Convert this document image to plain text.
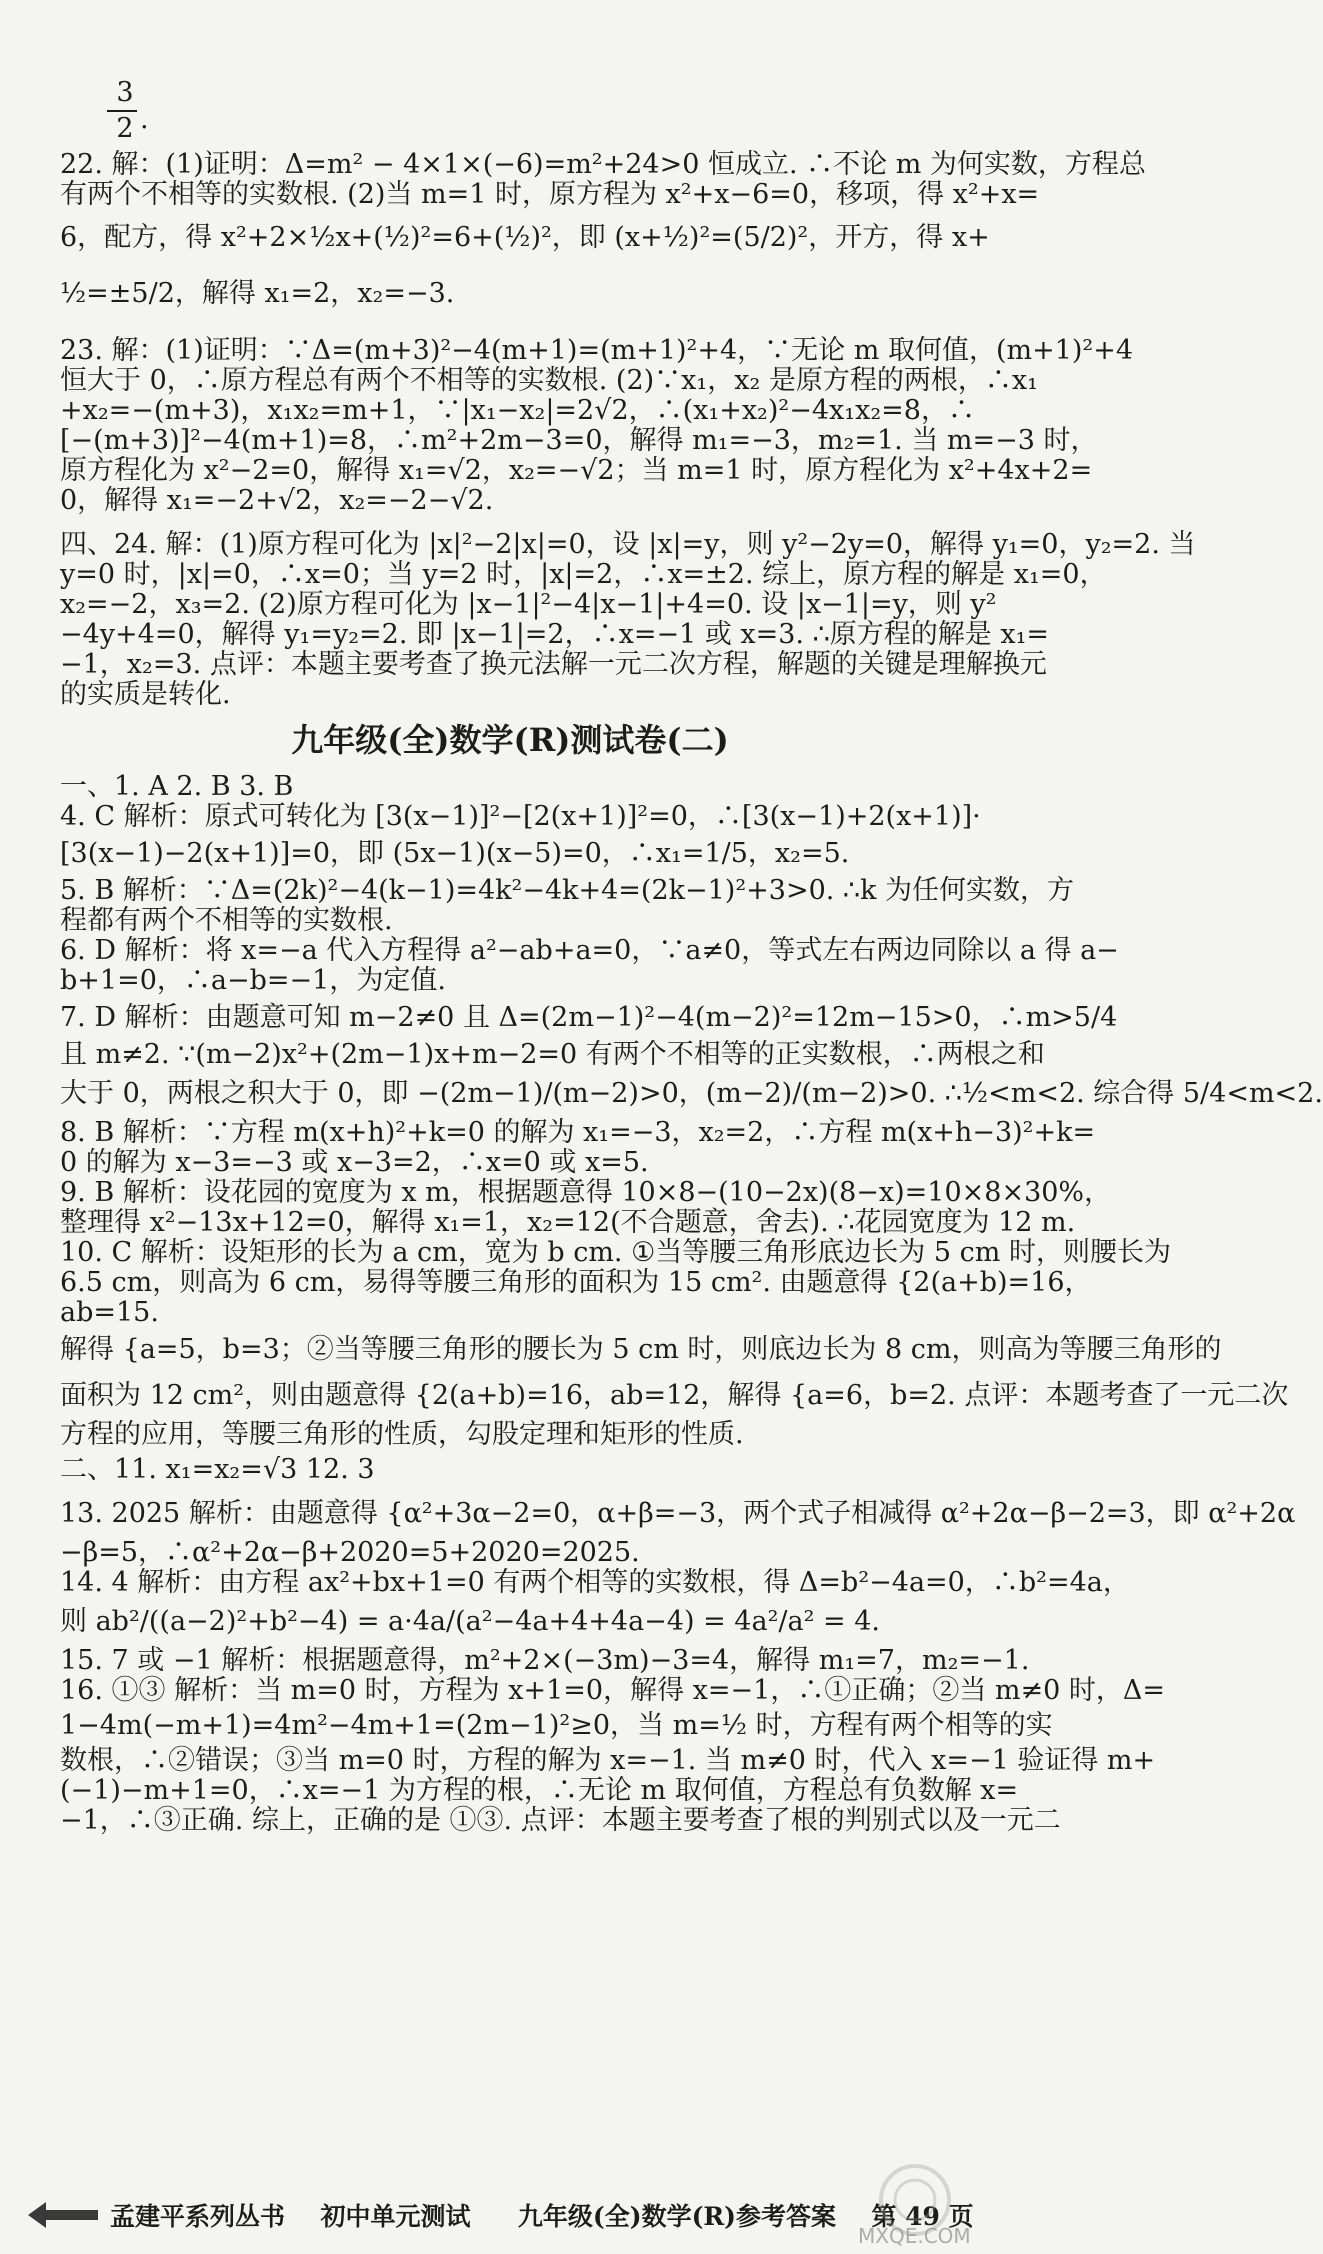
3
2 .

22. 解：(1)证明：Δ=m² − 4×1×(−6)=m²+24>0 恒成立. ∴不论 m 为何实数，方程总

有两个不相等的实数根. (2)当 m=1 时，原方程为 x²+x−6=0，移项，得 x²+x=

6，配方，得 x²+2×½x+(½)²=6+(½)²，即 (x+½)²=(5/2)²，开方，得 x+

½=±5/2，解得 x₁=2，x₂=−3.

23. 解：(1)证明：∵Δ=(m+3)²−4(m+1)=(m+1)²+4，∵无论 m 取何值，(m+1)²+4

恒大于 0，∴原方程总有两个不相等的实数根. (2)∵x₁，x₂ 是原方程的两根，∴x₁

+x₂=−(m+3)，x₁x₂=m+1，∵|x₁−x₂|=2√2，∴(x₁+x₂)²−4x₁x₂=8，∴

[−(m+3)]²−4(m+1)=8，∴m²+2m−3=0，解得 m₁=−3，m₂=1. 当 m=−3 时，

原方程化为 x²−2=0，解得 x₁=√2，x₂=−√2；当 m=1 时，原方程化为 x²+4x+2=

0，解得 x₁=−2+√2，x₂=−2−√2.

四、24. 解：(1)原方程可化为 |x|²−2|x|=0，设 |x|=y，则 y²−2y=0，解得 y₁=0，y₂=2. 当

y=0 时，|x|=0，∴x=0；当 y=2 时，|x|=2，∴x=±2. 综上，原方程的解是 x₁=0，

x₂=−2，x₃=2. (2)原方程可化为 |x−1|²−4|x−1|+4=0. 设 |x−1|=y，则 y²

−4y+4=0，解得 y₁=y₂=2. 即 |x−1|=2，∴x=−1 或 x=3. ∴原方程的解是 x₁=

−1，x₂=3. 点评：本题主要考查了换元法解一元二次方程，解题的关键是理解换元

的实质是转化.

九年级(全)数学(R)测试卷(二)

一、1. A 2. B 3. B

4. C 解析：原式可转化为 [3(x−1)]²−[2(x+1)]²=0，∴[3(x−1)+2(x+1)]·

[3(x−1)−2(x+1)]=0，即 (5x−1)(x−5)=0，∴x₁=1/5，x₂=5.

5. B 解析：∵Δ=(2k)²−4(k−1)=4k²−4k+4=(2k−1)²+3>0. ∴k 为任何实数，方

程都有两个不相等的实数根.

6. D 解析：将 x=−a 代入方程得 a²−ab+a=0，∵a≠0，等式左右两边同除以 a 得 a−

b+1=0，∴a−b=−1，为定值.

7. D 解析：由题意可知 m−2≠0 且 Δ=(2m−1)²−4(m−2)²=12m−15>0，∴m>5/4

且 m≠2. ∵(m−2)x²+(2m−1)x+m−2=0 有两个不相等的正实数根，∴两根之和

大于 0，两根之积大于 0，即 −(2m−1)/(m−2)>0，(m−2)/(m−2)>0. ∴½<m<2. 综合得 5/4<m<2.

8. B 解析：∵方程 m(x+h)²+k=0 的解为 x₁=−3，x₂=2，∴方程 m(x+h−3)²+k=

0 的解为 x−3=−3 或 x−3=2，∴x=0 或 x=5.

9. B 解析：设花园的宽度为 x m，根据题意得 10×8−(10−2x)(8−x)=10×8×30%，

整理得 x²−13x+12=0，解得 x₁=1，x₂=12(不合题意，舍去). ∴花园宽度为 12 m.

10. C 解析：设矩形的长为 a cm，宽为 b cm. ①当等腰三角形底边长为 5 cm 时，则腰长为

6.5 cm，则高为 6 cm，易得等腰三角形的面积为 15 cm². 由题意得 {2(a+b)=16，

ab=15.

解得 {a=5，b=3；②当等腰三角形的腰长为 5 cm 时，则底边长为 8 cm，则高为等腰三角形的

面积为 12 cm²，则由题意得 {2(a+b)=16，ab=12，解得 {a=6，b=2. 点评：本题考查了一元二次

方程的应用，等腰三角形的性质，勾股定理和矩形的性质.

二、11. x₁=x₂=√3 12. 3

13. 2025 解析：由题意得 {α²+3α−2=0，α+β=−3，两个式子相减得 α²+2α−β−2=3，即 α²+2α

−β=5，∴α²+2α−β+2020=5+2020=2025.

14. 4 解析：由方程 ax²+bx+1=0 有两个相等的实数根，得 Δ=b²−4a=0，∴b²=4a，

则 ab²/((a−2)²+b²−4) = a·4a/(a²−4a+4+4a−4) = 4a²/a² = 4.

15. 7 或 −1 解析：根据题意得，m²+2×(−3m)−3=4，解得 m₁=7，m₂=−1.

16. ①③ 解析：当 m=0 时，方程为 x+1=0，解得 x=−1，∴①正确；②当 m≠0 时，Δ=

1−4m(−m+1)=4m²−4m+1=(2m−1)²≥0，当 m=½ 时，方程有两个相等的实

数根，∴②错误；③当 m=0 时，方程的解为 x=−1. 当 m≠0 时，代入 x=−1 验证得 m+

(−1)−m+1=0，∴x=−1 为方程的根，∴无论 m 取何值，方程总有负数解 x=

−1，∴③正确. 综上，正确的是 ①③. 点评：本题主要考查了根的判别式以及一元二

孟建平系列丛书 初中单元测试 九年级(全)数学(R)参考答案 第 49 页
MXQE.COM
